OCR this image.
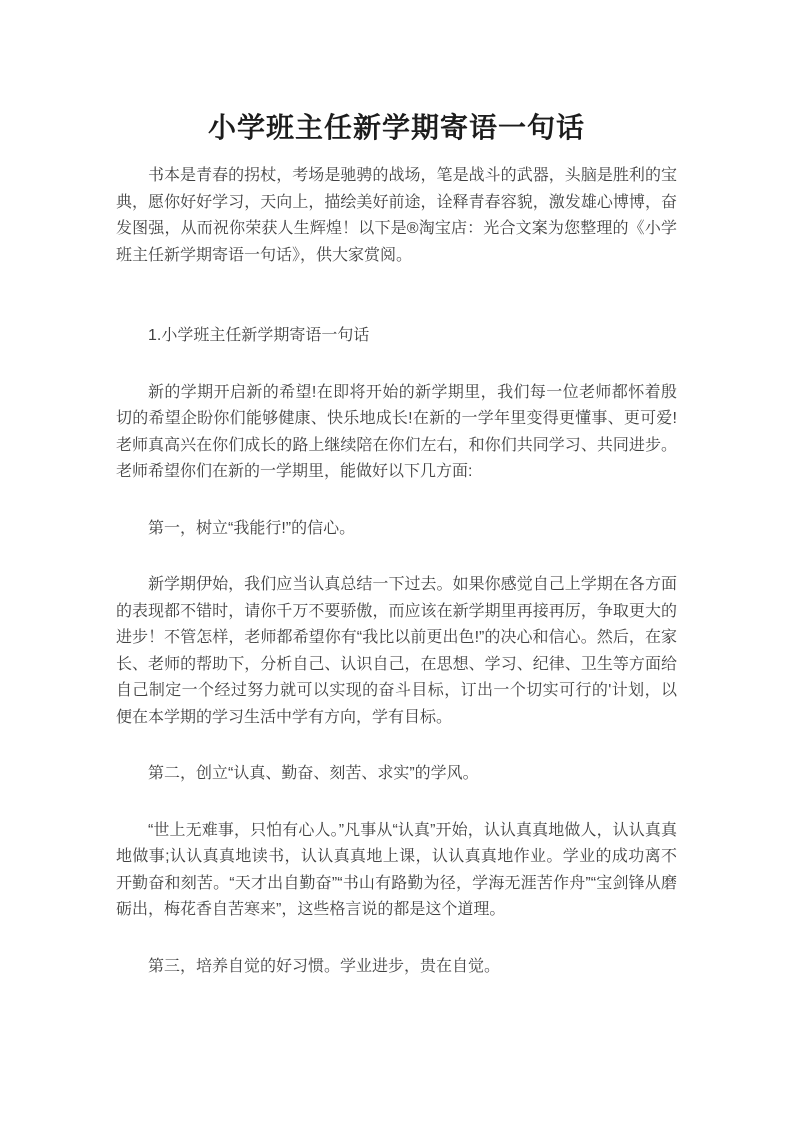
小学班主任新学期寄语一句话

书本是青春的拐杖，考场是驰骋的战场，笔是战斗的武器，头脑是胜利的宝典，愿你好好学习，天向上，描绘美好前途，诠释青春容貌，激发雄心博博，奋发图强，从而祝你荣获人生辉煌！以下是®淘宝店：光合文案为您整理的《小学班主任新学期寄语一句话》，供大家赏阅。

1.小学班主任新学期寄语一句话

新的学期开启新的希望!在即将开始的新学期里，我们每一位老师都怀着殷切的希望企盼你们能够健康、快乐地成长!在新的一学年里变得更懂事、更可爱!老师真高兴在你们成长的路上继续陪在你们左右，和你们共同学习、共同进步。老师希望你们在新的一学期里，能做好以下几方面:

第一，树立“我能行!”的信心。

新学期伊始，我们应当认真总结一下过去。如果你感觉自己上学期在各方面的表现都不错时，请你千万不要骄傲，而应该在新学期里再接再厉，争取更大的进步！不管怎样，老师都希望你有“我比以前更出色!”的决心和信心。然后，在家长、老师的帮助下，分析自己、认识自己，在思想、学习、纪律、卫生等方面给自己制定一个经过努力就可以实现的奋斗目标，订出一个切实可行的'计划，以便在本学期的学习生活中学有方向，学有目标。

第二，创立“认真、勤奋、刻苦、求实”的学风。

“世上无难事，只怕有心人。”凡事从“认真”开始，认认真真地做人，认认真真地做事;认认真真地读书，认认真真地上课，认认真真地作业。学业的成功离不开勤奋和刻苦。“天才出自勤奋”“书山有路勤为径，学海无涯苦作舟”“宝剑锋从磨砺出，梅花香自苦寒来”，这些格言说的都是这个道理。

第三，培养自觉的好习惯。学业进步，贵在自觉。
